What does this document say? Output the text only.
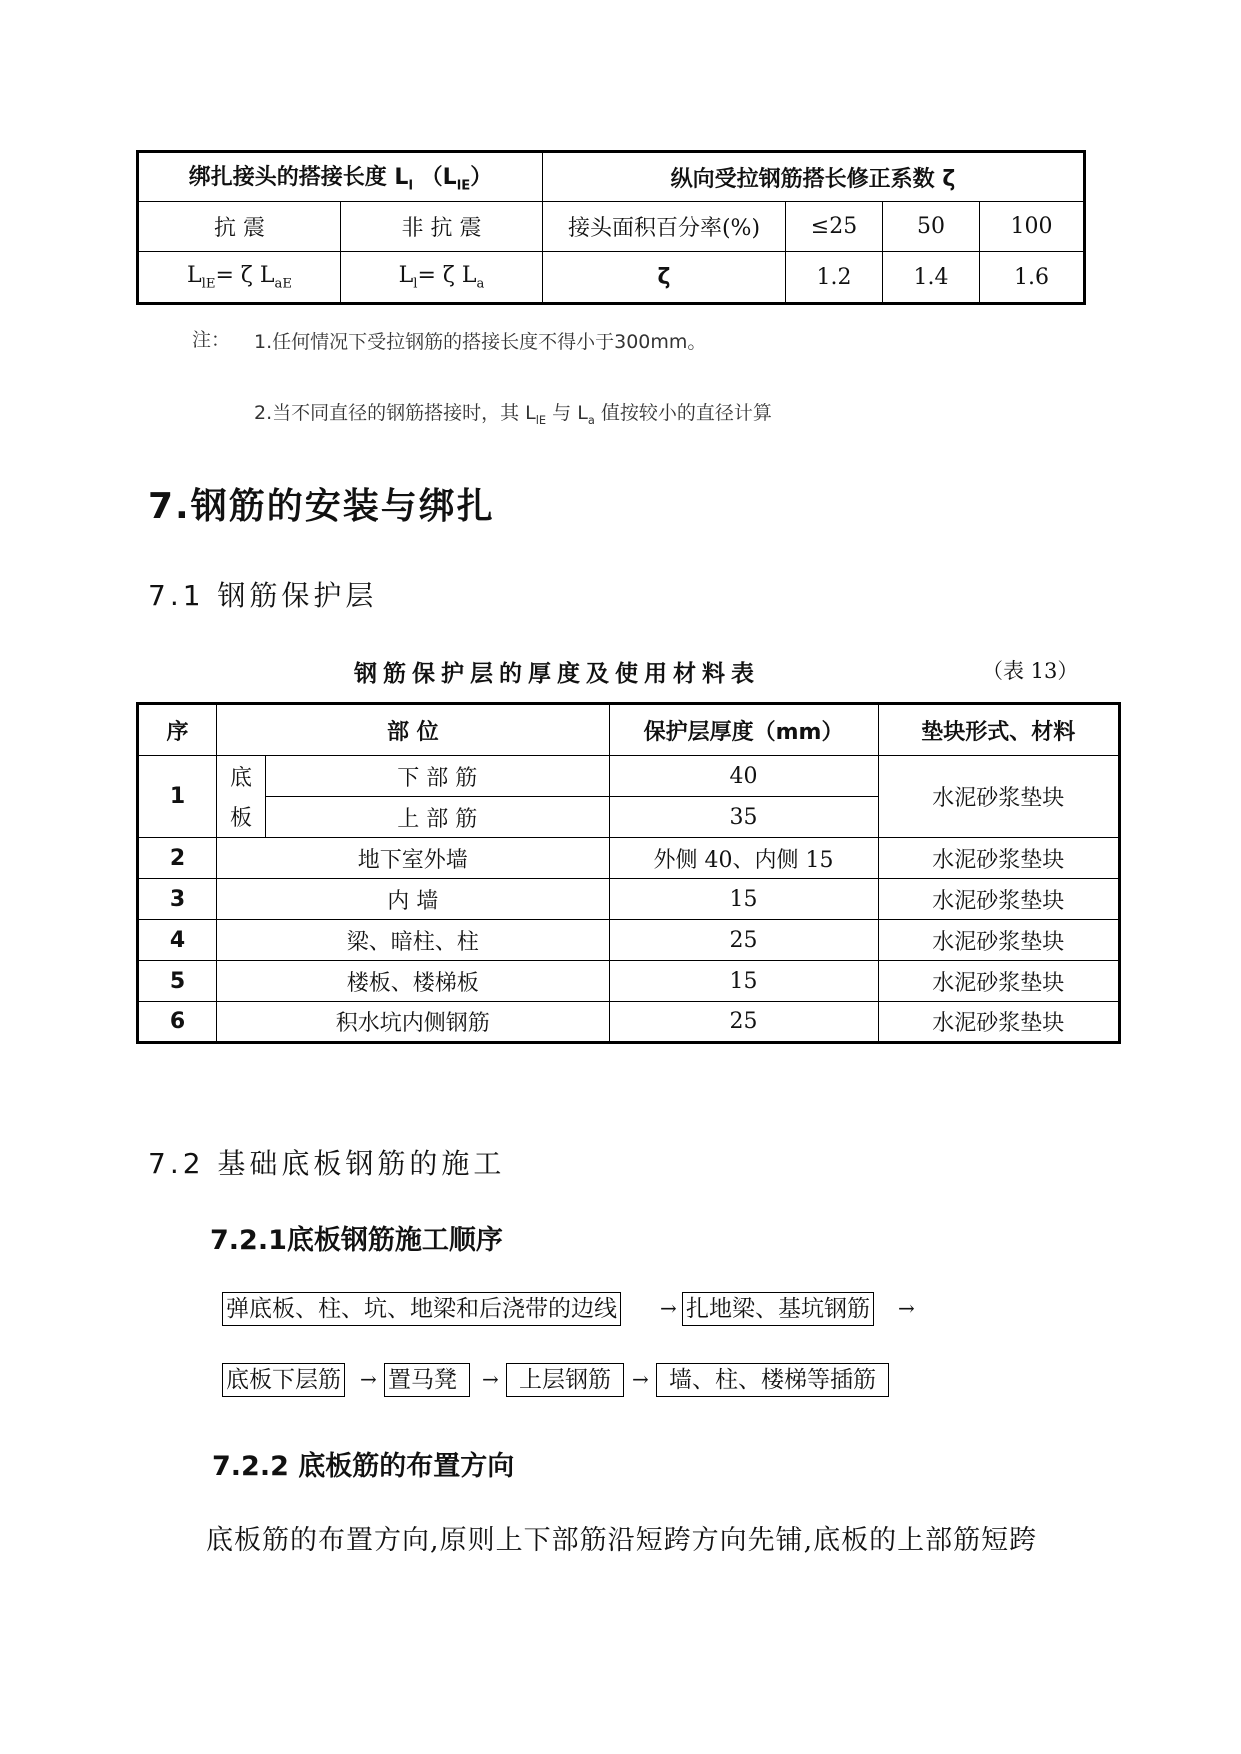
绑扎接头的搭接长度 $L_l$ $(L_{lE})$		纵向受拉钢筋搭长修正系数 ζ			
抗 震	非 抗 震	接头面积百分率(%)	≤25	50	100
$L_{lE}= \zeta$ $L_{aE}$	$L_l= \zeta$ $L_a$	ζ	1.2	1.4	1.6
注： 1.任何情况下受拉钢筋的搭接长度不得小于300mm。
2.当不同直径的钢筋搭接时，其 $L_{lE}$ 与 $L_a$ 值按较小的直径计算
7.钢筋的安装与绑扎
7.1 钢筋保护层
钢筋保护层的厚度及使用材料表	（表 13）
序	部 位		保护层厚度（mm）	垫块形式、材料
1	底	下 部 筋	40	水泥砂浆垫块
	板	上 部 筋	35	
2	地下室外墙		外侧 40、内侧 15	水泥砂浆垫块
3	内 墙		15	水泥砂浆垫块
4	梁、暗柱、柱		25	水泥砂浆垫块
5	楼板、楼梯板		15	水泥砂浆垫块
6	积水坑内侧钢筋		25	水泥砂浆垫块
7.2 基础底板钢筋的施工
7.2.1底板钢筋施工顺序
弹底板、柱、坑、地梁和后浇带的边线 → 扎地梁、基坑钢筋 →
底板下层筋 → 置马凳	→ 上层钢筋	→ 墙、柱、楼梯等插筋
7.2.2 底板筋的布置方向
底板筋的布置方向,原则上下部筋沿短跨方向先铺,底板的上部筋短跨
